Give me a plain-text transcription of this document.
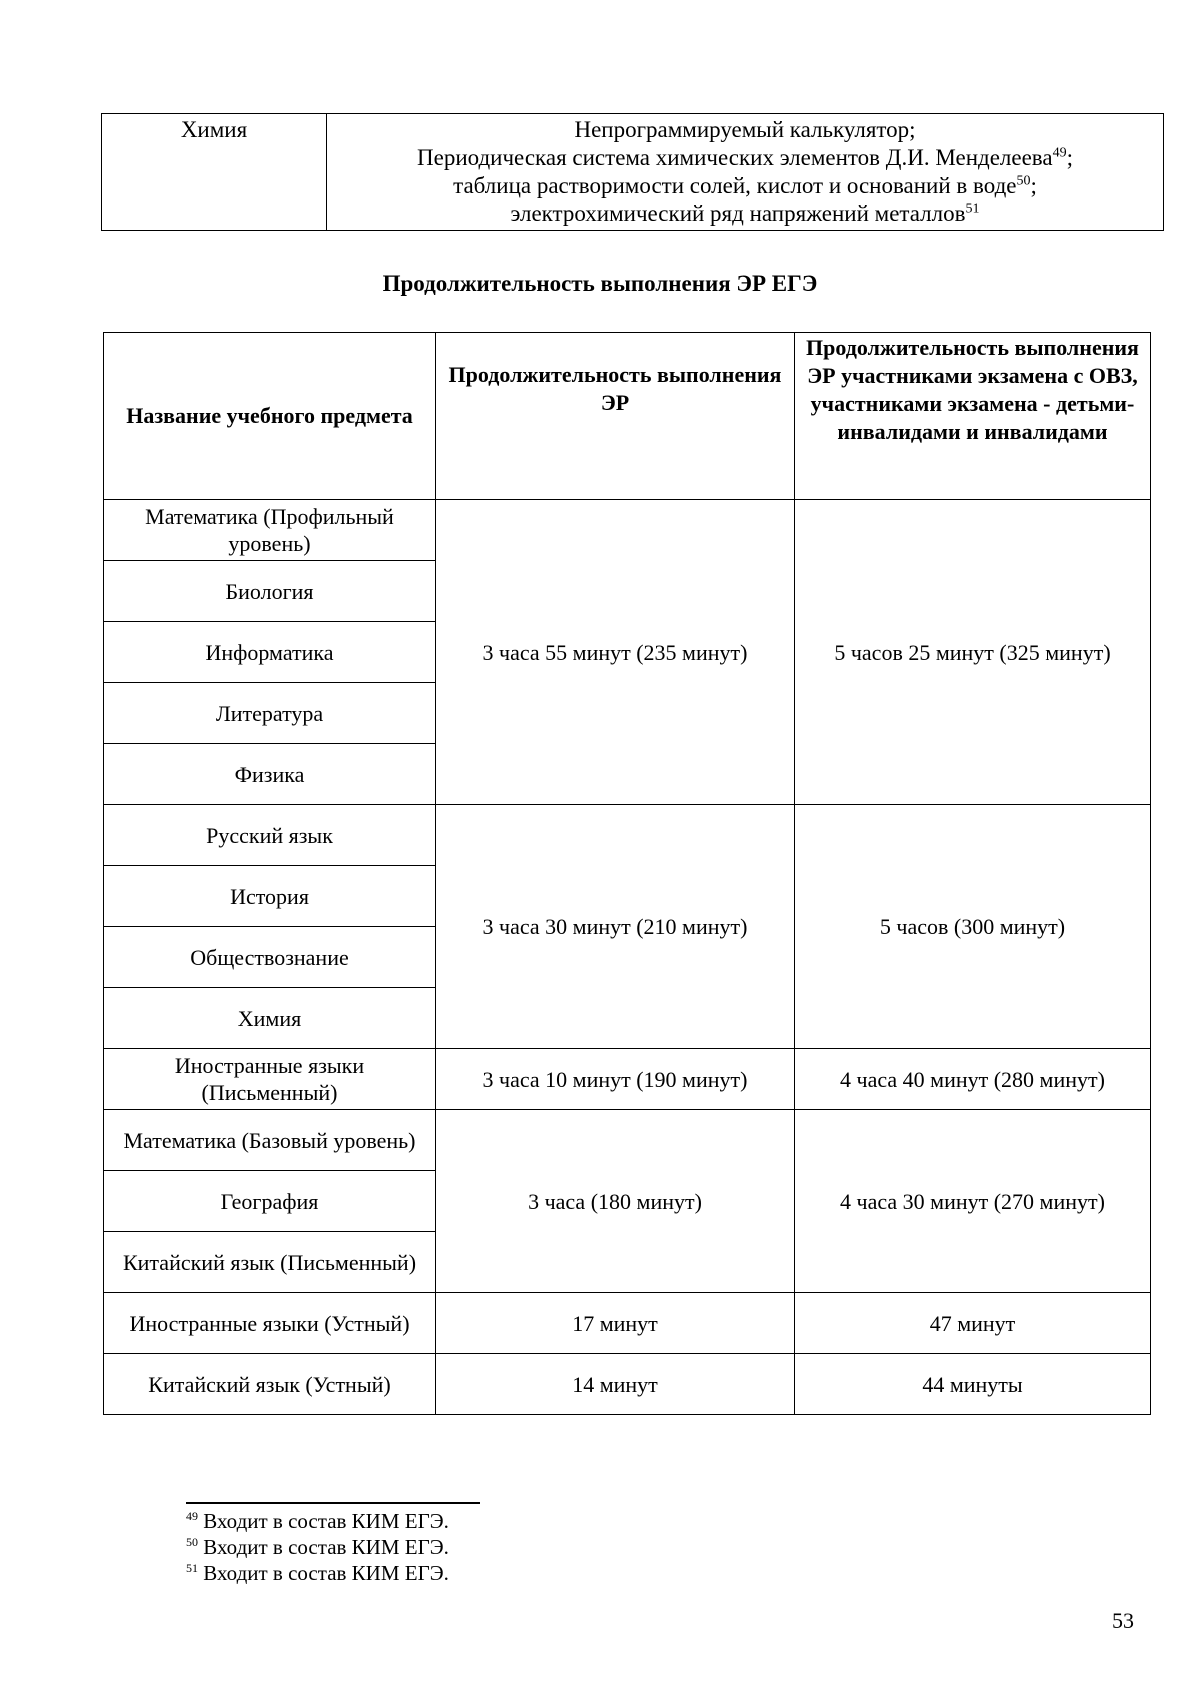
Химия	Непрограммируемый калькулятор;
Периодическая система химических элементов Д.И. Менделеева$^{49}$;
таблица растворимости солей, кислот и оснований в воде$^{50}$;
электрохимический ряд напряжений металлов$^{51}$
Продолжительность выполнения ЭР ЕГЭ
Название учебного предмета	Продолжительность выполнения ЭР	Продолжительность выполнения ЭР участниками экзамена с ОВЗ, участниками экзамена - детьми-инвалидами и инвалидами
Математика (Профильный уровень)	3 часа 55 минут (235 минут)	5 часов 25 минут (325 минут)
Биология		
Информатика		
Литература		
Физика		
Русский язык	3 часа 30 минут (210 минут)	5 часов (300 минут)
История		
Обществознание		
Химия		
Иностранные языки (Письменный)	3 часа 10 минут (190 минут)	4 часа 40 минут (280 минут)
Математика (Базовый уровень)	3 часа (180 минут)	4 часа 30 минут (270 минут)
География		
Китайский язык (Письменный)		
Иностранные языки (Устный)	17 минут	47 минут
Китайский язык (Устный)	14 минут	44 минуты
$^{49}$ Входит в состав КИМ ЕГЭ.
$^{50}$ Входит в состав КИМ ЕГЭ.
$^{51}$ Входит в состав КИМ ЕГЭ.
53
